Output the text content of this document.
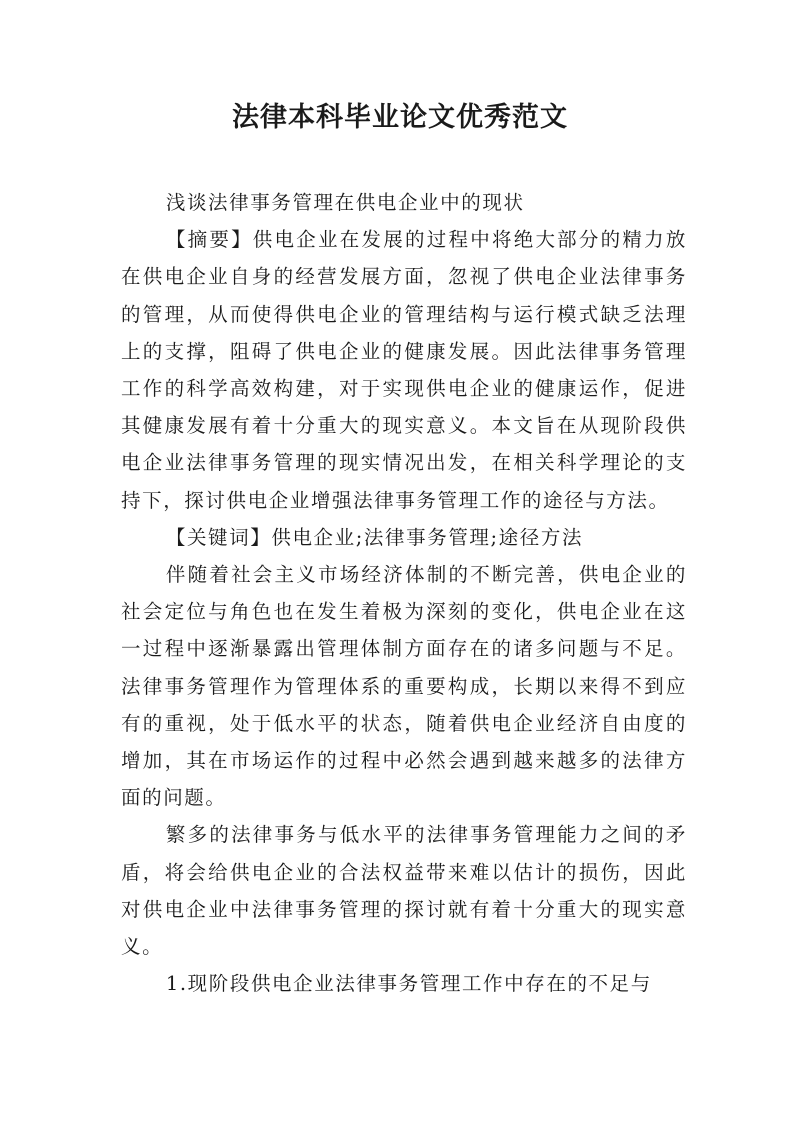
法律本科毕业论文优秀范文

浅谈法律事务管理在供电企业中的现状

【摘要】供电企业在发展的过程中将绝大部分的精力放在供电企业自身的经营发展方面，忽视了供电企业法律事务的管理，从而使得供电企业的管理结构与运行模式缺乏法理上的支撑，阻碍了供电企业的健康发展。因此法律事务管理工作的科学高效构建，对于实现供电企业的健康运作，促进其健康发展有着十分重大的现实意义。本文旨在从现阶段供电企业法律事务管理的现实情况出发，在相关科学理论的支持下，探讨供电企业增强法律事务管理工作的途径与方法。

【关键词】供电企业;法律事务管理;途径方法

伴随着社会主义市场经济体制的不断完善，供电企业的社会定位与角色也在发生着极为深刻的变化，供电企业在这一过程中逐渐暴露出管理体制方面存在的诸多问题与不足。法律事务管理作为管理体系的重要构成，长期以来得不到应有的重视，处于低水平的状态，随着供电企业经济自由度的增加，其在市场运作的过程中必然会遇到越来越多的法律方面的问题。

繁多的法律事务与低水平的法律事务管理能力之间的矛盾，将会给供电企业的合法权益带来难以估计的损伤，因此对供电企业中法律事务管理的探讨就有着十分重大的现实意义。

1.现阶段供电企业法律事务管理工作中存在的不足与
